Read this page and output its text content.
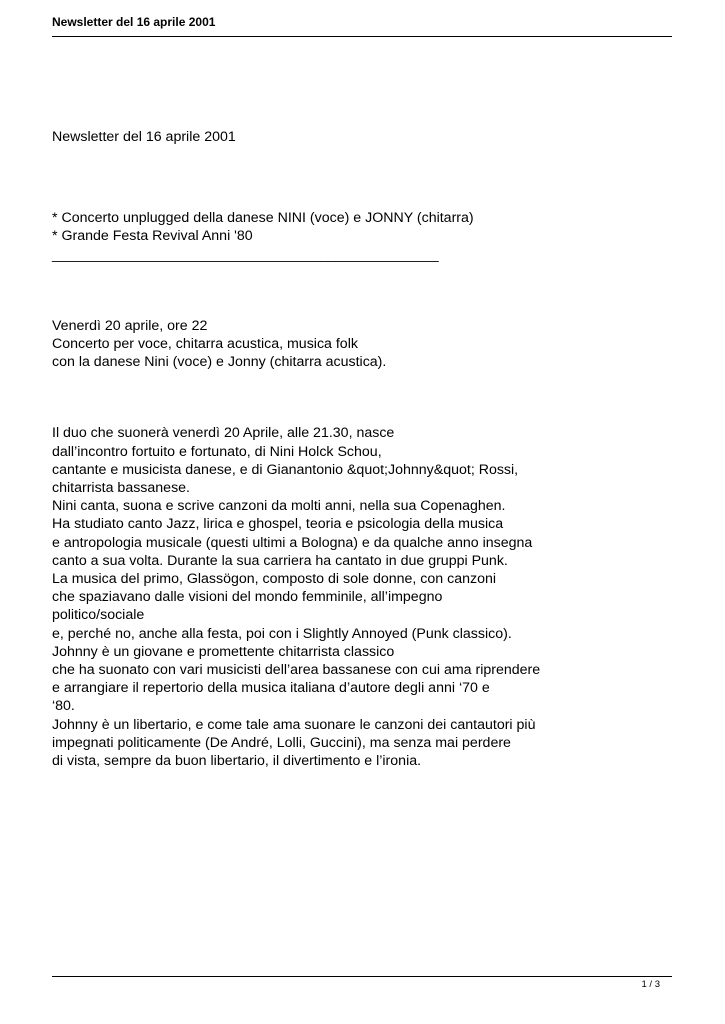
Newsletter del 16 aprile 2001

Newsletter del 16 aprile 2001

* Concerto unplugged della danese NINI (voce) e JONNY (chitarra)
* Grande Festa Revival Anni '80

_________________________________________________

Venerdì 20 aprile, ore 22
Concerto per voce, chitarra acustica, musica folk
con la danese Nini (voce) e Jonny (chitarra acustica).
Il duo che suonerà venerdì 20 Aprile, alle 21.30, nasce
dall’incontro fortuito e fortunato, di Nini Holck Schou,
cantante e musicista danese, e di Gianantonio &quot;Johnny&quot; Rossi,
chitarrista bassanese.
Nini canta, suona e scrive canzoni da molti anni, nella sua Copenaghen.
Ha studiato canto Jazz, lirica e ghospel, teoria e psicologia della musica
e antropologia musicale (questi ultimi a Bologna) e da qualche anno insegna
canto a sua volta. Durante la sua carriera ha cantato in due gruppi Punk.
La musica del primo, Glassögon, composto di sole donne, con canzoni
che spaziavano dalle visioni del mondo femminile, all’impegno
politico/sociale
e, perché no, anche alla festa, poi con i Slightly Annoyed (Punk classico).
Johnny è un giovane e promettente chitarrista classico
che ha suonato con vari musicisti dell’area bassanese con cui ama riprendere
e arrangiare il repertorio della musica italiana d’autore degli anni ‘70 e
‘80.
Johnny è un libertario, e come tale ama suonare le canzoni dei cantautori più
impegnati politicamente (De André, Lolli, Guccini), ma senza mai perdere
di vista, sempre da buon libertario, il divertimento e l’ironia.
1 / 3
